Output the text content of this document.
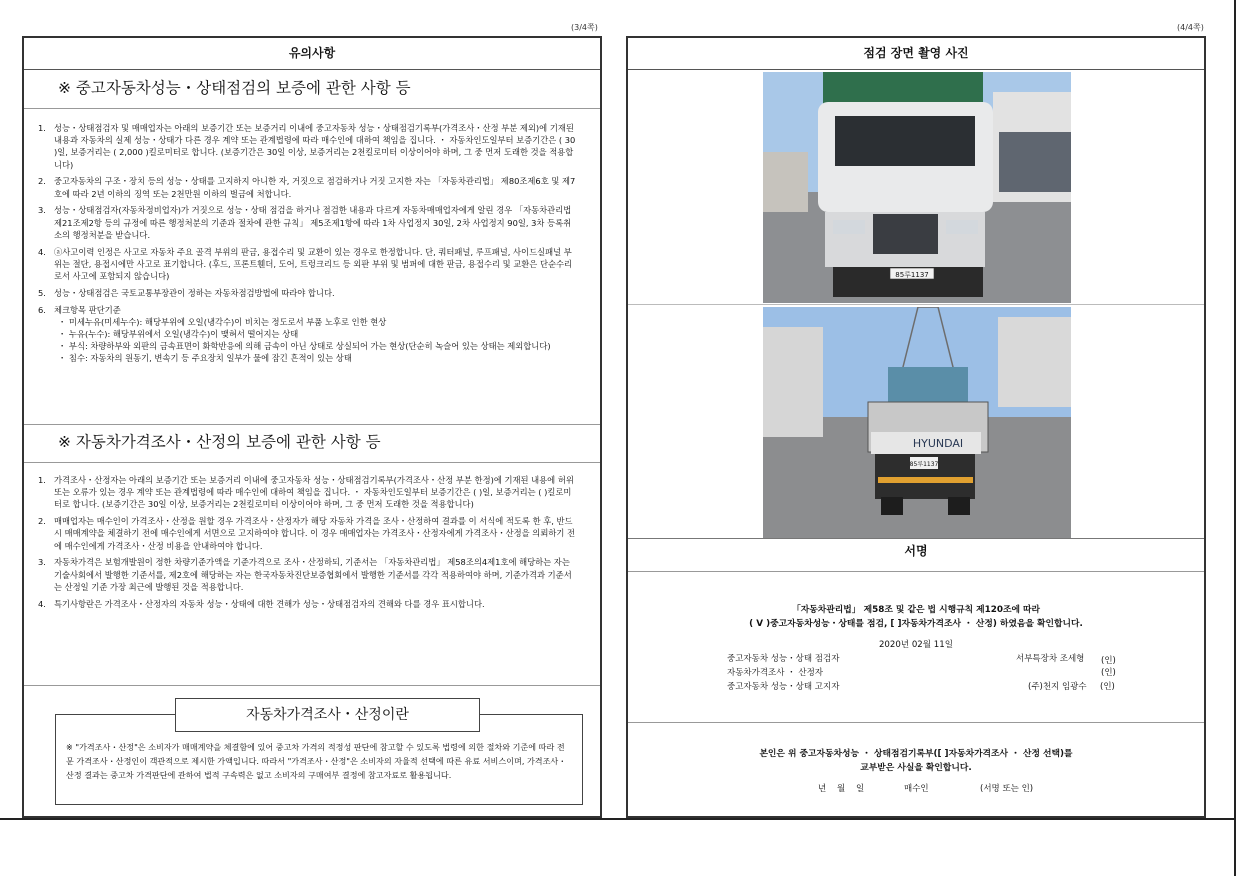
(3/4쪽)	(4/4쪽)
유의사항
※ 중고자동차성능・상태점검의 보증에 관한 사항 등
1. 성능・상태점검자 및 매매업자는 아래의 보증기간 또는 보증거리 이내에 중고자동차 성능・상태점검기록부(가격조사・산정 부분 제외)에 기재된 내용과 자동차의 실제 성능・상태가 다른 경우 계약 또는 관계법령에 따라 매수인에 대하여 책임을 집니다. ・ 자동차인도일부터 보증기간은 ( 30 )일, 보증거리는 ( 2,000 )킬로미터로 합니다. (보증기간은 30일 이상, 보증거리는 2천킬로미터 이상이어야 하며, 그 중 먼저 도래한 것을 적용합니다)
2. 중고자동차의 구조・장치 등의 성능・상태를 고지하지 아니한 자, 거짓으로 점검하거나 거짓 고지한 자는 「자동차관리법」 제80조제6호 및 제7호에 따라 2년 이하의 징역 또는 2천만원 이하의 벌금에 처합니다.
3. 성능・상태점검자(자동차정비업자)가 거짓으로 성능・상태 점검을 하거나 점검한 내용과 다르게 자동차매매업자에게 알린 경우 「자동차관리법 제21조제2항 등의 규정에 따른 행정처분의 기준과 절차에 관한 규칙」 제5조제1항에 따라 1차 사업정지 30일, 2차 사업정지 90일, 3차 등록취소의 행정처분을 받습니다.
4. ⓐ사고이력 인정은 사고로 자동차 주요 골격 부위의 판금, 용접수리 및 교환이 있는 경우로 한정합니다. 단, 쿼터패널, 루프패널, 사이드실패널 부위는 절단, 용접시에만 사고로 표기합니다. (후드, 프론트휀더, 도어, 트렁크리드 등 외판 부위 및 범퍼에 대한 판금, 용접수리 및 교환은 단순수리로서 사고에 포함되지 않습니다)
5. 성능・상태점검은 국토교통부장관이 정하는 자동차점검방법에 따라야 합니다.
6. 체크항목 판단기준
・ 미세누유(미세누수): 해당부위에 오일(냉각수)이 비치는 정도로서 부품 노후로 인한 현상
・ 누유(누수): 해당부위에서 오일(냉각수)이 맺혀서 떨어지는 상태
・ 부식: 차량하부와 외판의 금속표면이 화학반응에 의해 금속이 아닌 상태로 상실되어 가는 현상(단순히 녹슬어 있는 상태는 제외합니다)
・ 침수: 자동차의 원동기, 변속기 등 주요장치 일부가 물에 잠긴 흔적이 있는 상태
※ 자동차가격조사・산정의 보증에 관한 사항 등
1. 가격조사・산정자는 아래의 보증기간 또는 보증거리 이내에 중고자동차 성능・상태점검기록부(가격조사・산정 부분 한정)에 기재된 내용에 허위 또는 오류가 있는 경우 계약 또는 관계법령에 따라 매수인에 대하여 책임을 집니다. ・ 자동차인도일부터 보증기간은 ( )일, 보증거리는 ( )킬로미터로 합니다. (보증기간은 30일 이상, 보증거리는 2천킬로미터 이상이어야 하며, 그 중 먼저 도래한 것을 적용합니다)
2. 매매업자는 매수인이 가격조사・산정을 원할 경우 가격조사・산정자가 해당 자동차 가격을 조사・산정하여 결과를 이 서식에 적도록 한 후, 반드시 매매계약을 체결하기 전에 매수인에게 서면으로 고지하여야 합니다. 이 경우 매매업자는 가격조사・산정자에게 가격조사・산정을 의뢰하기 전에 매수인에게 가격조사・산정 비용을 안내하여야 합니다.
3. 자동차가격은 보험개발원이 정한 차량기준가액을 기준가격으로 조사・산정하되, 기준서는 「자동차관리법」 제58조의4제1호에 해당하는 자는 기술사회에서 발행한 기준서를, 제2호에 해당하는 자는 한국자동차진단보증협회에서 발행한 기준서를 각각 적용하여야 하며, 기준가격과 기준서는 산정일 기준 가장 최근에 발행된 것을 적용합니다.
4. 특기사항란은 가격조사・산정자의 자동차 성능・상태에 대한 견해가 성능・상태점검자의 견해와 다를 경우 표시합니다.
자동차가격조사・산정이란
※ "가격조사・산정"은 소비자가 매매계약을 체결함에 있어 중고차 가격의 적정성 판단에 참고할 수 있도록 법령에 의한 절차와 기준에 따라 전문 가격조사・산정인이 객관적으로 제시한 가액입니다. 따라서 "가격조사・산정"은 소비자의 자율적 선택에 따른 유료 서비스이며, 가격조사・산정 결과는 중고차 가격판단에 관하여 법적 구속력은 없고 소비자의 구매여부 결정에 참고자료로 활용됩니다.
점검 장면 촬영 사진
85루1137
HYUNDAI
85루1137
서명
「자동차관리법」 제58조 및 같은 법 시행규칙 제120조에 따라
( V )중고자동차성능・상태를 점검, [ ]자동차가격조사 ・ 산정) 하였음을 확인합니다.
2020년 02월 11일
중고자동차 성능・상태 점검자	서부특장차 조세형 (인)
자동차가격조사 ・ 산정자	(인)
중고자동차 성능・상태 고지자	(주)천지 임광수 (인)
본인은 위 중고자동차성능 ・ 상태점검기록부([ ]자동차가격조사 ・ 산정 선택)를
교부받은 사실을 확인합니다.
년    월    일	매수인	(서명 또는 인)
